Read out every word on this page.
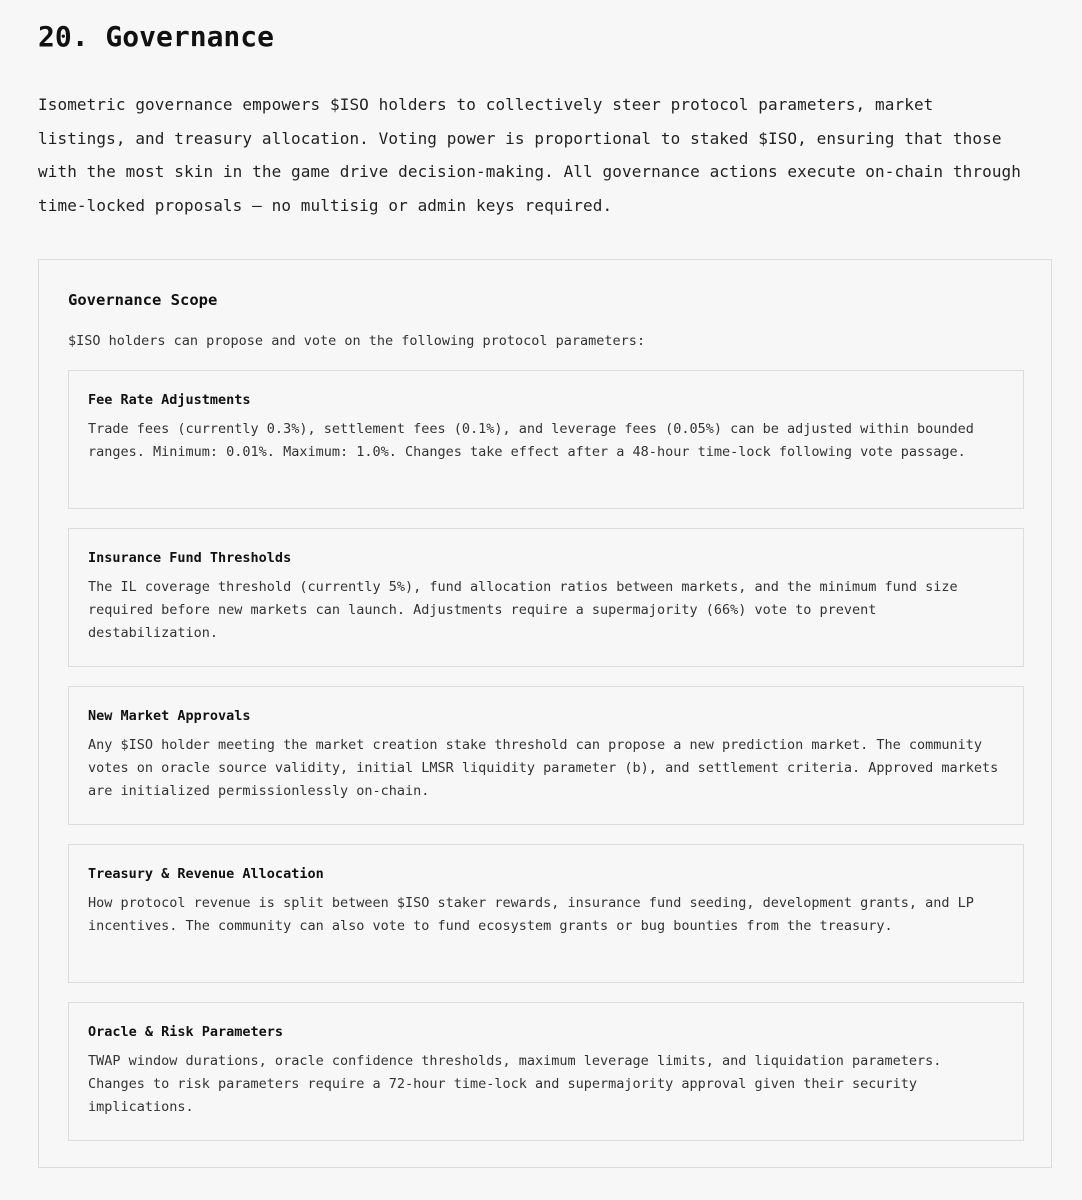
20. Governance

Isometric governance empowers $ISO holders to collectively steer protocol parameters, market listings, and treasury allocation. Voting power is proportional to staked $ISO, ensuring that those with the most skin in the game drive decision-making. All governance actions execute on-chain through time-locked proposals — no multisig or admin keys required.

Governance Scope

$ISO holders can propose and vote on the following protocol parameters:

Fee Rate Adjustments

Trade fees (currently 0.3%), settlement fees (0.1%), and leverage fees (0.05%) can be adjusted within bounded ranges. Minimum: 0.01%. Maximum: 1.0%. Changes take effect after a 48-hour time-lock following vote passage.

Insurance Fund Thresholds

The IL coverage threshold (currently 5%), fund allocation ratios between markets, and the minimum fund size required before new markets can launch. Adjustments require a supermajority (66%) vote to prevent destabilization.

New Market Approvals

Any $ISO holder meeting the market creation stake threshold can propose a new prediction market. The community votes on oracle source validity, initial LMSR liquidity parameter (b), and settlement criteria. Approved markets are initialized permissionlessly on-chain.

Treasury & Revenue Allocation

How protocol revenue is split between $ISO staker rewards, insurance fund seeding, development grants, and LP incentives. The community can also vote to fund ecosystem grants or bug bounties from the treasury.

Oracle & Risk Parameters

TWAP window durations, oracle confidence thresholds, maximum leverage limits, and liquidation parameters. Changes to risk parameters require a 72-hour time-lock and supermajority approval given their security implications.
